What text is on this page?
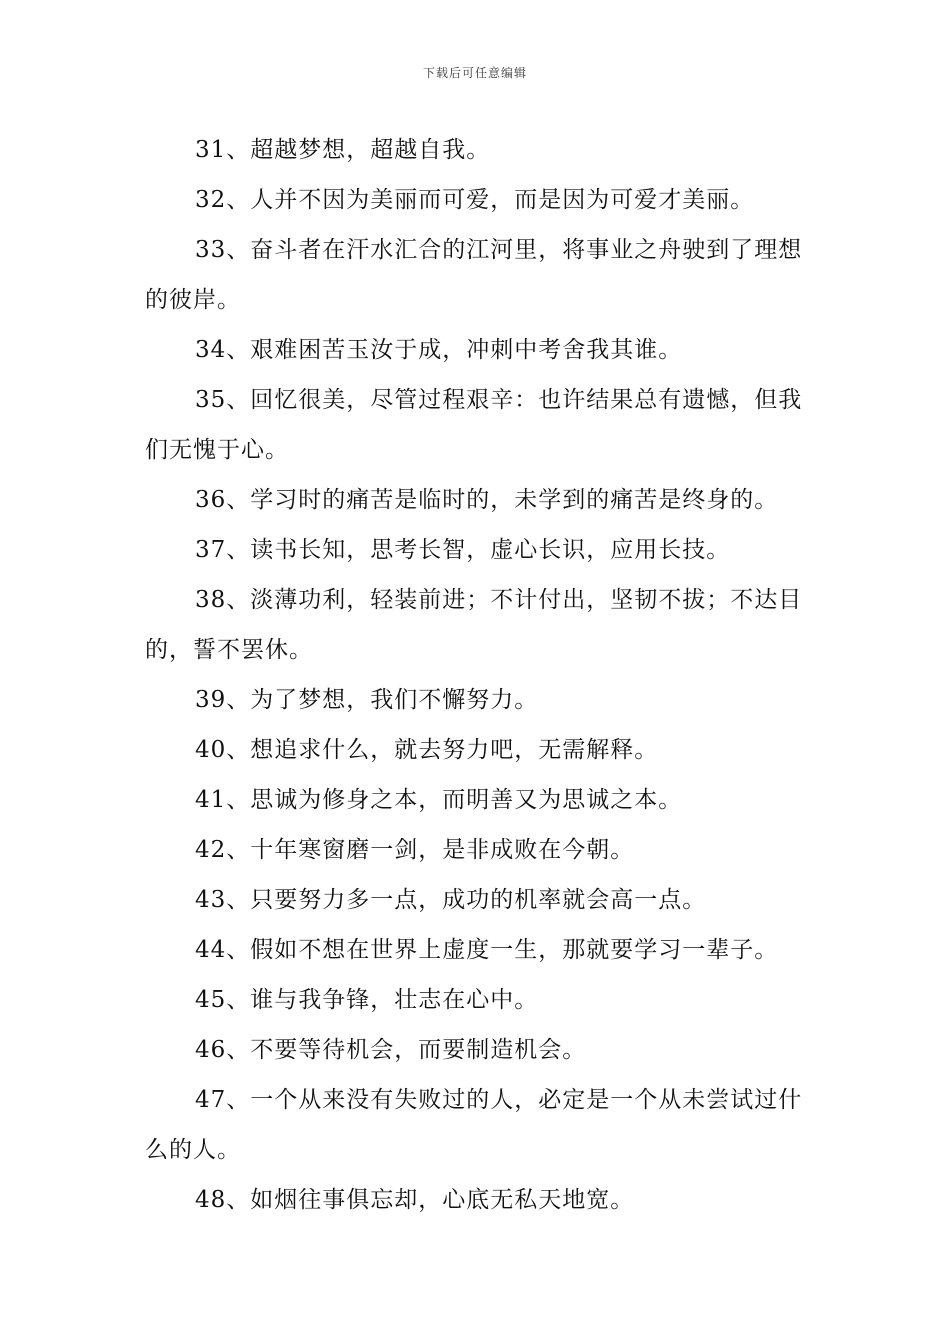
下载后可任意编辑

31、超越梦想，超越自我。

32、人并不因为美丽而可爱，而是因为可爱才美丽。

33、奋斗者在汗水汇合的江河里，将事业之舟驶到了理想的彼岸。

34、艰难困苦玉汝于成，冲刺中考舍我其谁。

35、回忆很美，尽管过程艰辛：也许结果总有遗憾，但我们无愧于心。

36、学习时的痛苦是临时的，未学到的痛苦是终身的。

37、读书长知，思考长智，虚心长识，应用长技。

38、淡薄功利，轻装前进；不计付出，坚韧不拔；不达目的，誓不罢休。

39、为了梦想，我们不懈努力。

40、想追求什么，就去努力吧，无需解释。

41、思诚为修身之本，而明善又为思诚之本。

42、十年寒窗磨一剑，是非成败在今朝。

43、只要努力多一点，成功的机率就会高一点。

44、假如不想在世界上虚度一生，那就要学习一辈子。

45、谁与我争锋，壮志在心中。

46、不要等待机会，而要制造机会。

47、一个从来没有失败过的人，必定是一个从未尝试过什么的人。

48、如烟往事俱忘却，心底无私天地宽。
